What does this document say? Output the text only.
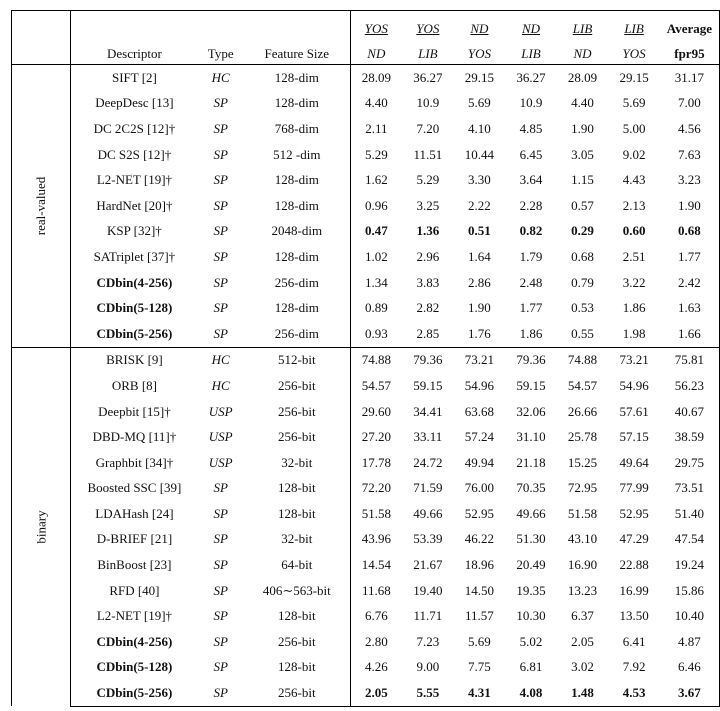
				YOS	YOS	ND	ND	LIB	LIB	Average
	Descriptor	Type	Feature Size	ND	LIB	YOS	LIB	ND	YOS	fpr95
real-valued	SIFT [2]	HC	128-dim	28.09	36.27	29.15	36.27	28.09	29.15	31.17
	DeepDesc [13]	SP	128-dim	4.40	10.9	5.69	10.9	4.40	5.69	7.00
	DC 2C2S [12]†	SP	768-dim	2.11	7.20	4.10	4.85	1.90	5.00	4.56
	DC S2S [12]†	SP	512 -dim	5.29	11.51	10.44	6.45	3.05	9.02	7.63
	L2-NET [19]†	SP	128-dim	1.62	5.29	3.30	3.64	1.15	4.43	3.23
	HardNet [20]†	SP	128-dim	0.96	3.25	2.22	2.28	0.57	2.13	1.90
	KSP [32]†	SP	2048-dim	0.47	1.36	0.51	0.82	0.29	0.60	0.68
	SATriplet [37]†	SP	128-dim	1.02	2.96	1.64	1.79	0.68	2.51	1.77
	CDbin(4-256)	SP	256-dim	1.34	3.83	2.86	2.48	0.79	3.22	2.42
	CDbin(5-128)	SP	128-dim	0.89	2.82	1.90	1.77	0.53	1.86	1.63
	CDbin(5-256)	SP	256-dim	0.93	2.85	1.76	1.86	0.55	1.98	1.66
binary	BRISK [9]	HC	512-bit	74.88	79.36	73.21	79.36	74.88	73.21	75.81
	ORB [8]	HC	256-bit	54.57	59.15	54.96	59.15	54.57	54.96	56.23
	Deepbit [15]†	USP	256-bit	29.60	34.41	63.68	32.06	26.66	57.61	40.67
	DBD-MQ [11]†	USP	256-bit	27.20	33.11	57.24	31.10	25.78	57.15	38.59
	Graphbit [34]†	USP	32-bit	17.78	24.72	49.94	21.18	15.25	49.64	29.75
	Boosted SSC [39]	SP	128-bit	72.20	71.59	76.00	70.35	72.95	77.99	73.51
	LDAHash [24]	SP	128-bit	51.58	49.66	52.95	49.66	51.58	52.95	51.40
	D-BRIEF [21]	SP	32-bit	43.96	53.39	46.22	51.30	43.10	47.29	47.54
	BinBoost [23]	SP	64-bit	14.54	21.67	18.96	20.49	16.90	22.88	19.24
	RFD [40]	SP	406∼563-bit	11.68	19.40	14.50	19.35	13.23	16.99	15.86
	L2-NET [19]†	SP	128-bit	6.76	11.71	11.57	10.30	6.37	13.50	10.40
	CDbin(4-256)	SP	256-bit	2.80	7.23	5.69	5.02	2.05	6.41	4.87
	CDbin(5-128)	SP	128-bit	4.26	9.00	7.75	6.81	3.02	7.92	6.46
	CDbin(5-256)	SP	256-bit	2.05	5.55	4.31	4.08	1.48	4.53	3.67
